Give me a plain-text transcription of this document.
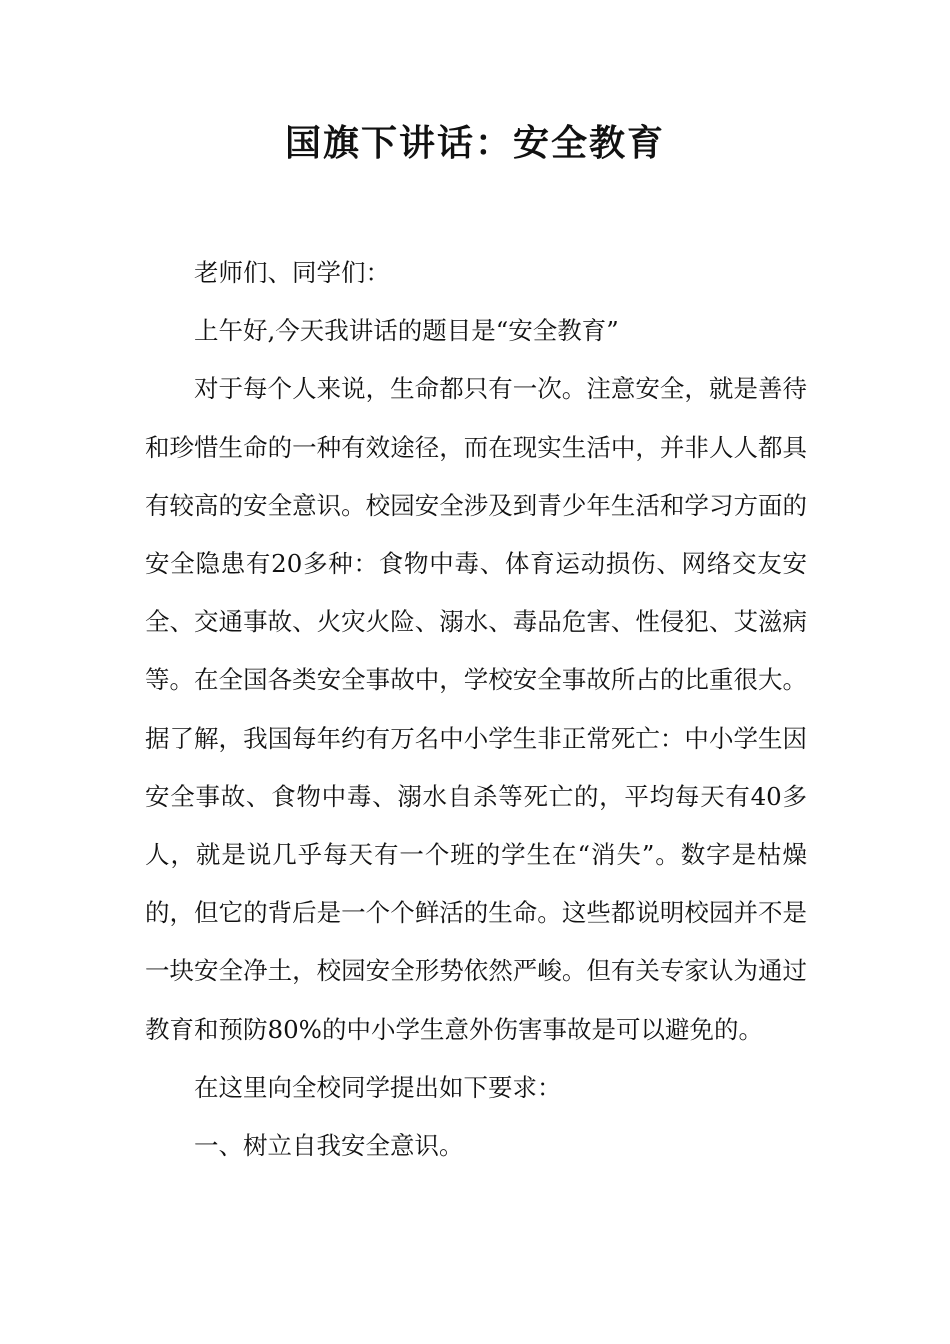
国旗下讲话：安全教育

老师们、同学们：

上午好,今天我讲话的题目是“安全教育”

对于每个人来说，生命都只有一次。注意安全，就是善待和珍惜生命的一种有效途径，而在现实生活中，并非人人都具有较高的安全意识。校园安全涉及到青少年生活和学习方面的安全隐患有20多种：食物中毒、体育运动损伤、网络交友安全、交通事故、火灾火险、溺水、毒品危害、性侵犯、艾滋病等。在全国各类安全事故中，学校安全事故所占的比重很大。据了解，我国每年约有万名中小学生非正常死亡：中小学生因安全事故、食物中毒、溺水自杀等死亡的，平均每天有40多人，就是说几乎每天有一个班的学生在“消失”。数字是枯燥的，但它的背后是一个个鲜活的生命。这些都说明校园并不是一块安全净土，校园安全形势依然严峻。但有关专家认为通过教育和预防80%的中小学生意外伤害事故是可以避免的。

在这里向全校同学提出如下要求：

一、树立自我安全意识。
